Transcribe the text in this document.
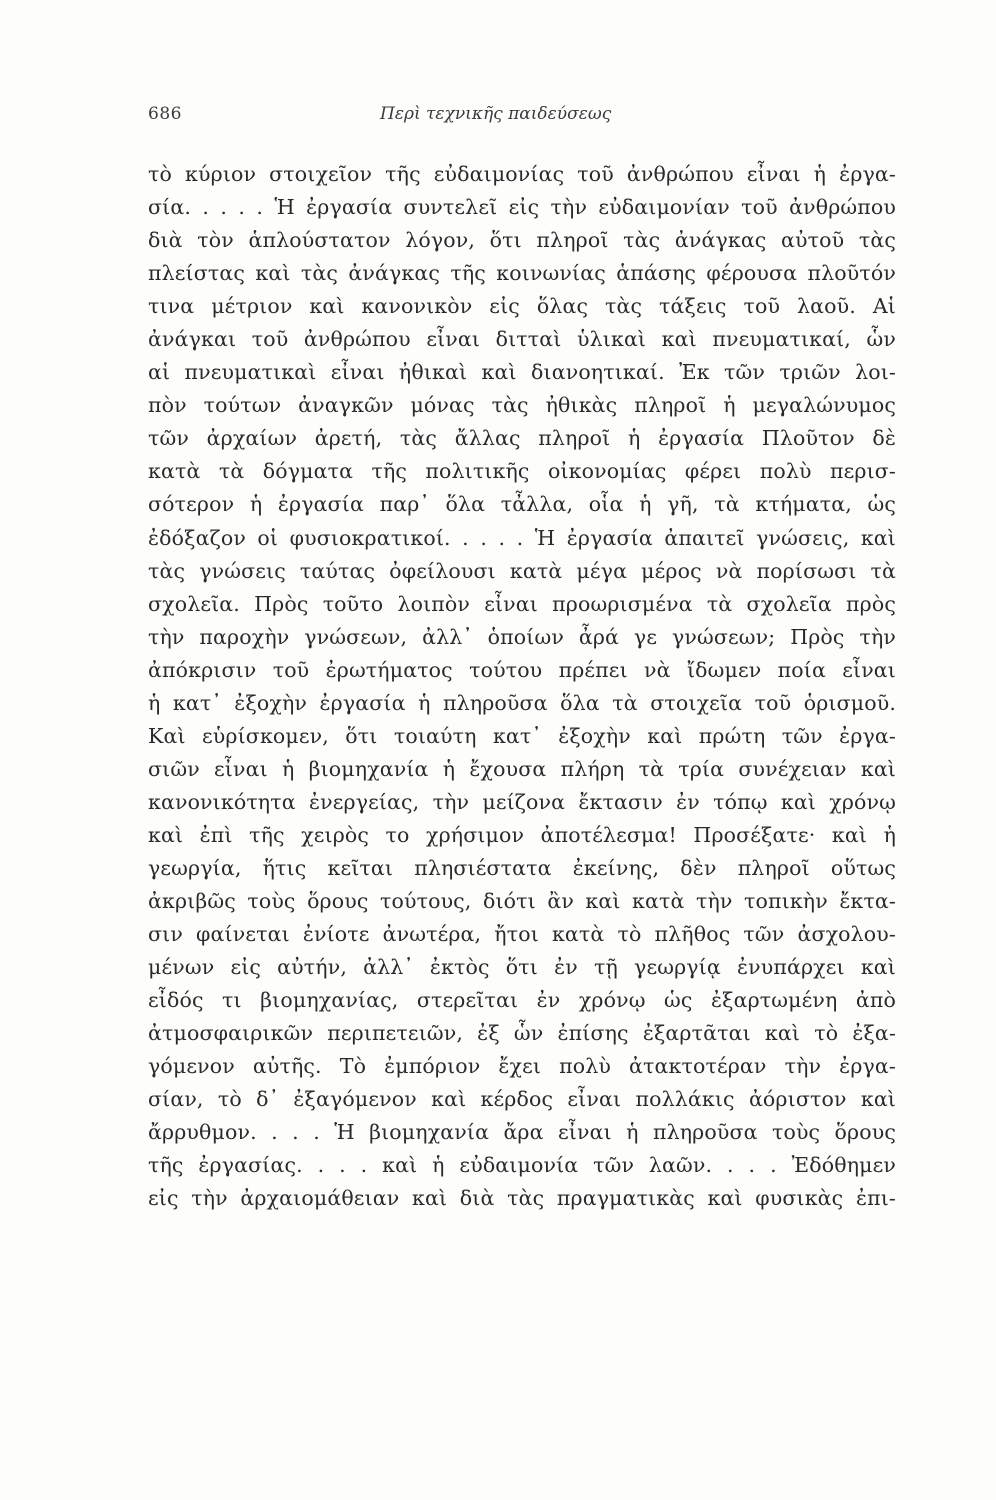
686	Περὶ τεχνικῆς παιδεύσεως
τὸ κύριον στοιχεῖον τῆς εὐδαιμονίας τοῦ ἀνθρώπου εἶναι ἡ ἐργα-
σία. . . . . Ἡ ἐργασία συντελεῖ εἰς τὴν εὐδαιμονίαν τοῦ ἀνθρώπου
διὰ τὸν ἁπλούστατον λόγον, ὅτι πληροῖ τὰς ἀνάγκας αὐτοῦ τὰς
πλείστας καὶ τὰς ἀνάγκας τῆς κοινωνίας ἁπάσης φέρουσα πλοῦτόν
τινα μέτριον καὶ κανονικὸν εἰς ὅλας τὰς τάξεις τοῦ λαοῦ. Αἱ
ἀνάγκαι τοῦ ἀνθρώπου εἶναι διτταὶ ὑλικαὶ καὶ πνευματικαί, ὧν
αἱ πνευματικαὶ εἶναι ἠθικαὶ καὶ διανοητικαί. Ἐκ τῶν τριῶν λοι-
πὸν τούτων ἀναγκῶν μόνας τὰς ἠθικὰς πληροῖ ἡ μεγαλώνυμος
τῶν ἀρχαίων ἀρετή, τὰς ἄλλας πληροῖ ἡ ἐργασία Πλοῦτον δὲ
κατὰ τὰ δόγματα τῆς πολιτικῆς οἰκονομίας φέρει πολὺ περισ-
σότερον ἡ ἐργασία παρ᾽ ὅλα τἆλλα, οἷα ἡ γῆ, τὰ κτήματα, ὡς
ἐδόξαζον οἱ φυσιοκρατικοί. . . . . Ἡ ἐργασία ἀπαιτεῖ γνώσεις, καὶ
τὰς γνώσεις ταύτας ὀφείλουσι κατὰ μέγα μέρος νὰ πορίσωσι τὰ
σχολεῖα. Πρὸς τοῦτο λοιπὸν εἶναι προωρισμένα τὰ σχολεῖα πρὸς
τὴν παροχὴν γνώσεων, ἀλλ᾽ ὁποίων ἆρά γε γνώσεων; Πρὸς τὴν
ἀπόκρισιν τοῦ ἐρωτήματος τούτου πρέπει νὰ ἴδωμεν ποία εἶναι
ἡ κατ᾽ ἐξοχὴν ἐργασία ἡ πληροῦσα ὅλα τὰ στοιχεῖα τοῦ ὁρισμοῦ.
Καὶ εὑρίσκομεν, ὅτι τοιαύτη κατ᾽ ἐξοχὴν καὶ πρώτη τῶν ἐργα-
σιῶν εἶναι ἡ βιομηχανία ἡ ἔχουσα πλήρη τὰ τρία συνέχειαν καὶ
κανονικότητα ἐνεργείας, τὴν μείζονα ἔκτασιν ἐν τόπῳ καὶ χρόνῳ
καὶ ἐπὶ τῆς χειρὸς το χρήσιμον ἀποτέλεσμα! Προσέξατε· καὶ ἡ
γεωργία, ἥτις κεῖται πλησιέστατα ἐκείνης, δὲν πληροῖ οὕτως
ἀκριβῶς τοὺς ὅρους τούτους, διότι ἂν καὶ κατὰ τὴν τοπικὴν ἔκτα-
σιν φαίνεται ἐνίοτε ἀνωτέρα, ἤτοι κατὰ τὸ πλῆθος τῶν ἀσχολου-
μένων εἰς αὐτήν, ἀλλ᾽ ἐκτὸς ὅτι ἐν τῇ γεωργίᾳ ἐνυπάρχει καὶ
εἶδός τι βιομηχανίας, στερεῖται ἐν χρόνῳ ὡς ἐξαρτωμένη ἀπὸ
ἀτμοσφαιρικῶν περιπετειῶν, ἐξ ὧν ἐπίσης ἐξαρτᾶται καὶ τὸ ἐξα-
γόμενον αὐτῆς. Τὸ ἐμπόριον ἔχει πολὺ ἀτακτοτέραν τὴν ἐργα-
σίαν, τὸ δ᾽ ἐξαγόμενον καὶ κέρδος εἶναι πολλάκις ἀόριστον καὶ
ἄρρυθμον. . . . Ἡ βιομηχανία ἄρα εἶναι ἡ πληροῦσα τοὺς ὅρους
τῆς ἐργασίας. . . . καὶ ἡ εὐδαιμονία τῶν λαῶν. . . . Ἐδόθημεν
εἰς τὴν ἀρχαιομάθειαν καὶ διὰ τὰς πραγματικὰς καὶ φυσικὰς ἐπι-
